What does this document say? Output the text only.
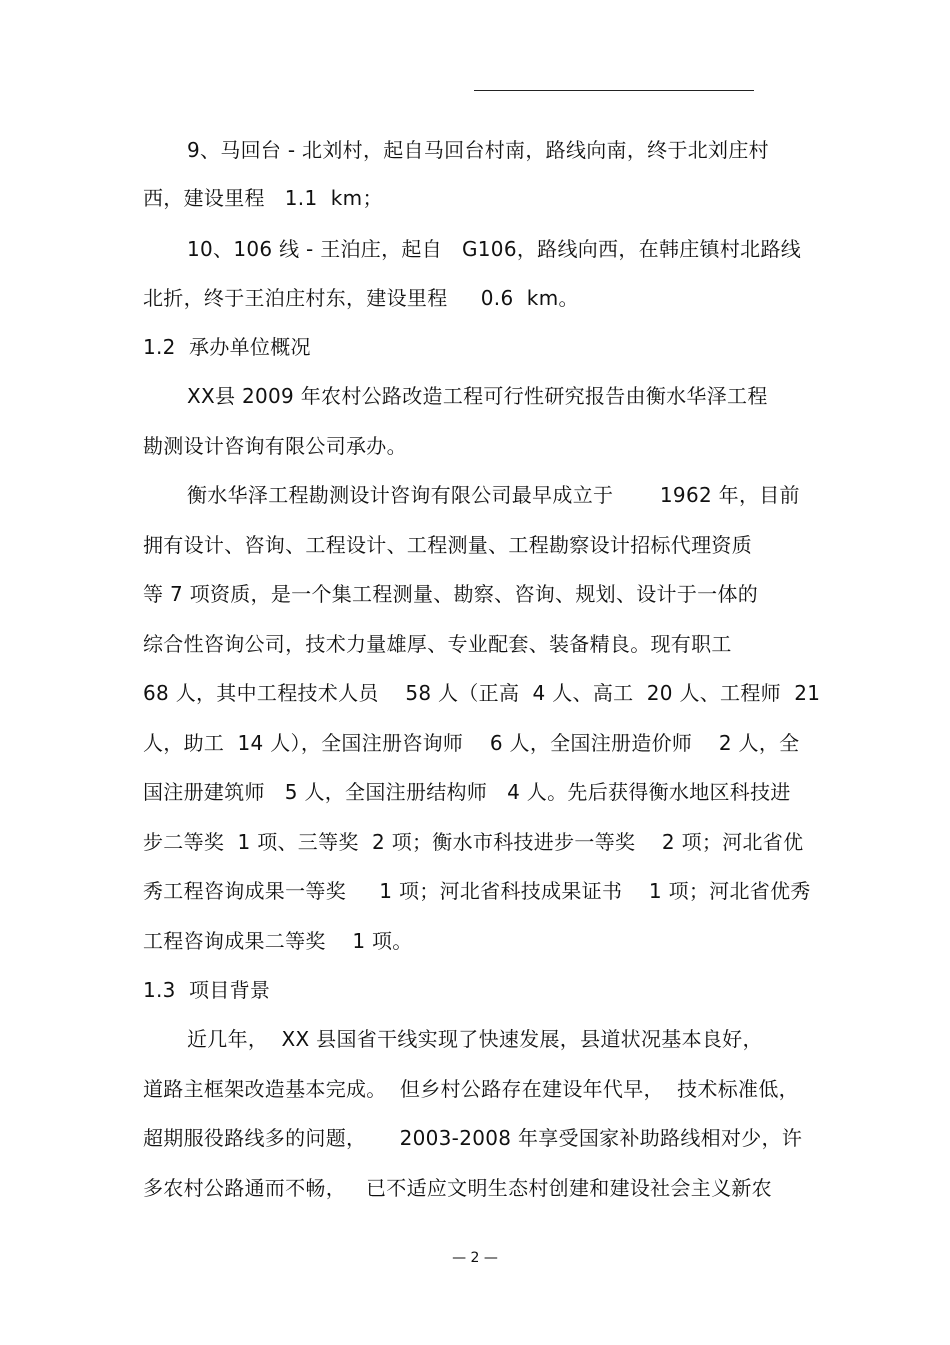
9、马回台 - 北刘村，起自马回台村南，路线向南，终于北刘庄村
西，建设里程   1.1  km；
10、106 线 - 王泊庄，起自   G106，路线向西，在韩庄镇村北路线
北折，终于王泊庄村东，建设里程     0.6  km。
1.2  承办单位概况
XX县 2009 年农村公路改造工程可行性研究报告由衡水华泽工程
勘测设计咨询有限公司承办。
衡水华泽工程勘测设计咨询有限公司最早成立于       1962 年，目前
拥有设计、咨询、工程设计、工程测量、工程勘察设计招标代理资质
等 7 项资质，是一个集工程测量、勘察、咨询、规划、设计于一体的
综合性咨询公司，技术力量雄厚、专业配套、装备精良。现有职工
68 人，其中工程技术人员    58 人（正高  4 人、高工  20 人、工程师  21
人，助工  14 人），全国注册咨询师    6 人，全国注册造价师    2 人，全
国注册建筑师   5 人，全国注册结构师   4 人。先后获得衡水地区科技进
步二等奖  1 项、三等奖  2 项；衡水市科技进步一等奖    2 项；河北省优
秀工程咨询成果一等奖     1 项；河北省科技成果证书    1 项；河北省优秀
工程咨询成果二等奖    1 项。
1.3  项目背景
近几年，  XX 县国省干线实现了快速发展，县道状况基本良好，
道路主框架改造基本完成。  但乡村公路存在建设年代早，  技术标准低，
超期服役路线多的问题，     2003-2008 年享受国家补助路线相对少，许
多农村公路通而不畅，   已不适应文明生态村创建和建设社会主义新农
— 2 —
